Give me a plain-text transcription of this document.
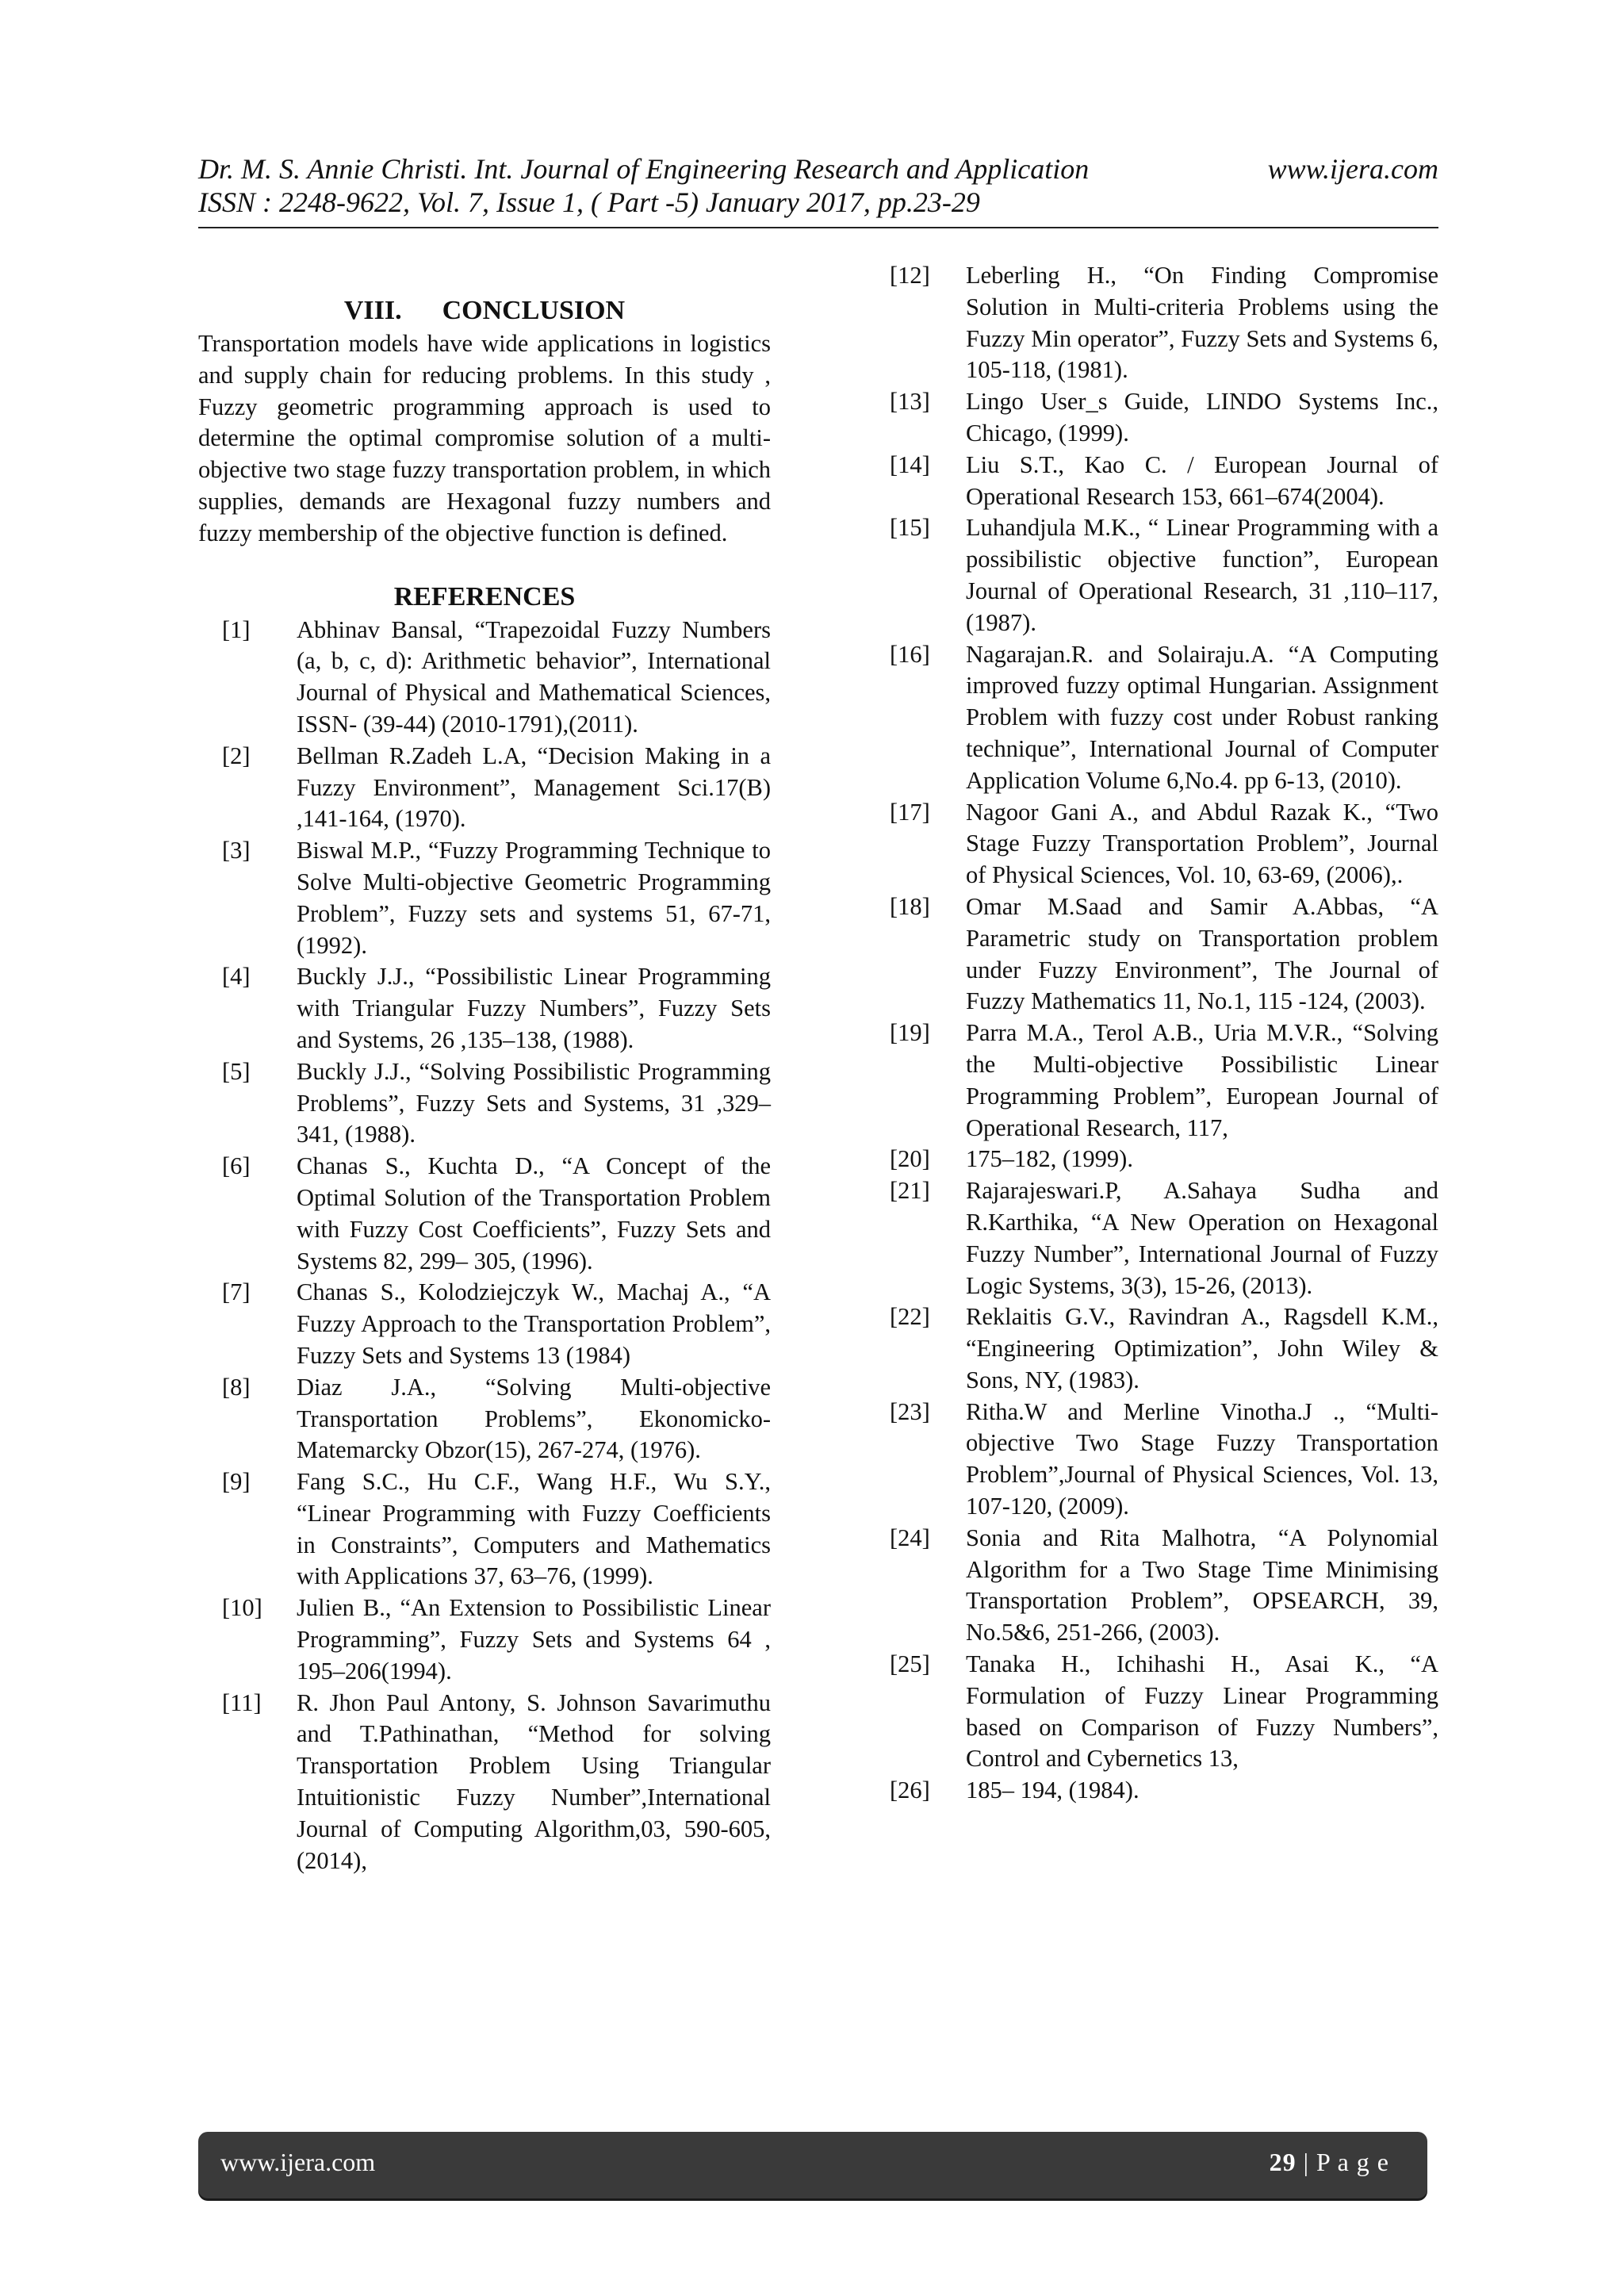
Dr. M. S. Annie Christi. Int. Journal of Engineering Research and Application	www.ijera.com
ISSN : 2248-9622, Vol. 7, Issue 1, ( Part -5) January 2017, pp.23-29
VIII.      CONCLUSION

Transportation models have wide applications in logistics and supply chain for reducing problems. In this study , Fuzzy geometric programming approach is used to determine the optimal compromise solution of a multi-objective two stage fuzzy transportation problem, in which supplies, demands are Hexagonal fuzzy numbers and fuzzy membership of the objective function is defined.

REFERENCES
[1]	Abhinav Bansal, “Trapezoidal Fuzzy Numbers (a, b, c, d): Arithmetic behavior”, International Journal of Physical and Mathematical Sciences, ISSN- (39-44) (2010-1791),(2011).
[2]	Bellman R.Zadeh L.A, “Decision Making in a Fuzzy Environment”, Management Sci.17(B) ,141-164, (1970).
[3]	Biswal M.P., “Fuzzy Programming Technique to Solve Multi-objective Geometric Programming Problem”, Fuzzy sets and systems 51, 67-71, (1992).
[4]	Buckly J.J., “Possibilistic Linear Programming with Triangular Fuzzy Numbers”, Fuzzy Sets and Systems, 26 ,135–138, (1988).
[5]	Buckly J.J., “Solving Possibilistic Programming Problems”, Fuzzy Sets and Systems, 31 ,329–341, (1988).
[6]	Chanas S., Kuchta D., “A Concept of the Optimal Solution of the Transportation Problem with Fuzzy Cost Coefficients”, Fuzzy Sets and Systems 82, 299– 305, (1996).
[7]	Chanas S., Kolodziejczyk W., Machaj A., “A Fuzzy Approach to the Transportation Problem”, Fuzzy Sets and Systems 13 (1984)
[8]	Diaz J.A., “Solving Multi-objective Transportation Problems”, Ekonomicko-Matemarcky Obzor(15), 267-274, (1976).
[9]	Fang S.C., Hu C.F., Wang H.F., Wu S.Y., “Linear Programming with Fuzzy Coefficients in Constraints”, Computers and Mathematics with Applications 37, 63–76, (1999).
[10]	Julien B., “An Extension to Possibilistic Linear Programming”, Fuzzy Sets and Systems 64 , 195–206(1994).
[11]	R. Jhon Paul Antony, S. Johnson Savarimuthu and T.Pathinathan, “Method for solving Transportation Problem Using Triangular Intuitionistic Fuzzy Number”,International Journal of Computing Algorithm,03, 590-605, (2014),
[12]	Leberling H., “On Finding Compromise Solution in Multi-criteria Problems using the Fuzzy Min operator”, Fuzzy Sets and Systems 6, 105-118, (1981).
[13]	Lingo User_s Guide, LINDO Systems Inc., Chicago, (1999).
[14]	Liu S.T., Kao C. / European Journal of Operational Research 153, 661–674(2004).
[15]	Luhandjula M.K., “ Linear Programming with a possibilistic objective function”, European Journal of Operational Research, 31 ,110–117, (1987).
[16]	Nagarajan.R. and Solairaju.A. “A Computing improved fuzzy optimal Hungarian. Assignment Problem with fuzzy cost under Robust ranking technique”, International Journal of Computer Application Volume 6,No.4. pp 6-13, (2010).
[17]	Nagoor Gani A., and Abdul Razak K., “Two Stage Fuzzy Transportation Problem”, Journal of Physical Sciences, Vol. 10, 63-69, (2006),.
[18]	Omar M.Saad and Samir A.Abbas, “A Parametric study on Transportation problem under Fuzzy Environment”, The Journal of Fuzzy Mathematics 11, No.1, 115 -124, (2003).
[19]	Parra M.A., Terol A.B., Uria M.V.R., “Solving the Multi-objective Possibilistic Linear Programming Problem”, European Journal of Operational Research, 117,
[20]	175–182, (1999).
[21]	Rajarajeswari.P, A.Sahaya Sudha and R.Karthika, “A New Operation on Hexagonal Fuzzy Number”, International Journal of Fuzzy Logic Systems, 3(3), 15-26, (2013).
[22]	Reklaitis G.V., Ravindran A., Ragsdell K.M., “Engineering Optimization”, John Wiley & Sons, NY, (1983).
[23]	Ritha.W and Merline Vinotha.J ., “Multi-objective Two Stage Fuzzy Transportation Problem”,Journal of Physical Sciences, Vol. 13, 107-120, (2009).
[24]	Sonia and Rita Malhotra, “A Polynomial Algorithm for a Two Stage Time Minimising Transportation Problem”, OPSEARCH, 39, No.5&6, 251-266, (2003).
[25]	Tanaka H., Ichihashi H., Asai K., “A Formulation of Fuzzy Linear Programming based on Comparison of Fuzzy Numbers”, Control and Cybernetics 13,
[26]	185– 194, (1984).
www.ijera.com	29 | P a g e
